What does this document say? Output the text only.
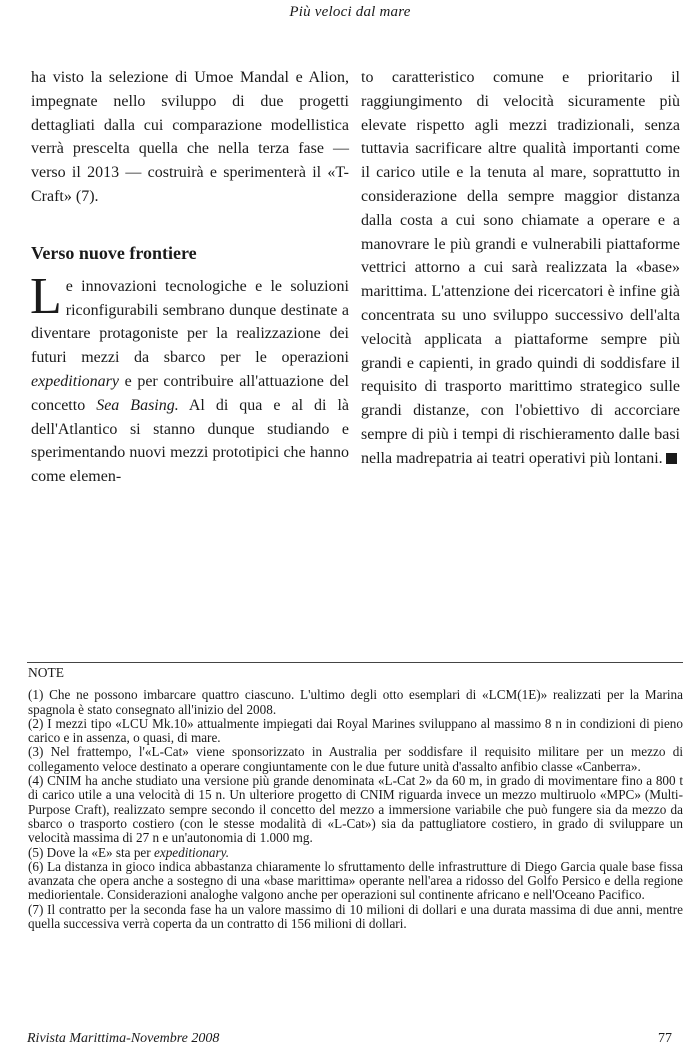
Più veloci dal mare

ha visto la selezione di Umoe Mandal e Alion, impegnate nello sviluppo di due progetti dettagliati dalla cui comparazione modellistica verrà prescelta quella che nella terza fase — verso il 2013 — costruirà e sperimenterà il «T-Craft» (7).

Verso nuove frontiere

Le innovazioni tecnologiche e le soluzioni riconfigurabili sembrano dunque destinate a diventare protagoniste per la realizzazione dei futuri mezzi da sbarco per le operazioni expeditionary e per contribuire all'attuazione del concetto Sea Basing. Al di qua e al di là dell'Atlantico si stanno dunque studiando e sperimentando nuovi mezzi prototipici che hanno come elemen-

to caratteristico comune e prioritario il raggiungimento di velocità sicuramente più elevate rispetto agli mezzi tradizionali, senza tuttavia sacrificare altre qualità importanti come il carico utile e la tenuta al mare, soprattutto in considerazione della sempre maggior distanza dalla costa a cui sono chiamate a operare e a manovrare le più grandi e vulnerabili piattaforme vettrici attorno a cui sarà realizzata la «base» marittima. L'attenzione dei ricercatori è infine già concentrata su uno sviluppo successivo dell'alta velocità applicata a piattaforme sempre più grandi e capienti, in grado quindi di soddisfare il requisito di trasporto marittimo strategico sulle grandi distanze, con l'obiettivo di accorciare sempre di più i tempi di rischieramento dalle basi nella madrepatria ai teatri operativi più lontani.

NOTE

(1) Che ne possono imbarcare quattro ciascuno. L'ultimo degli otto esemplari di «LCM(1E)» realizzati per la Marina spagnola è stato consegnato all'inizio del 2008.

(2) I mezzi tipo «LCU Mk.10» attualmente impiegati dai Royal Marines sviluppano al massimo 8 n in condizioni di pieno carico e in assenza, o quasi, di mare.

(3) Nel frattempo, l'«L-Cat» viene sponsorizzato in Australia per soddisfare il requisito militare per un mezzo di collegamento veloce destinato a operare congiuntamente con le due future unità d'assalto anfibio classe «Canberra».

(4) CNIM ha anche studiato una versione più grande denominata «L-Cat 2» da 60 m, in grado di movimentare fino a 800 t di carico utile a una velocità di 15 n. Un ulteriore progetto di CNIM riguarda invece un mezzo multiruolo «MPC» (Multi-Purpose Craft), realizzato sempre secondo il concetto del mezzo a immersione variabile che può fungere sia da mezzo da sbarco o trasporto costiero (con le stesse modalità di «L-Cat») sia da pattugliatore costiero, in grado di sviluppare un velocità massima di 27 n e un'autonomia di 1.000 mg.

(5) Dove la «E» sta per expeditionary.

(6) La distanza in gioco indica abbastanza chiaramente lo sfruttamento delle infrastrutture di Diego Garcia quale base fissa avanzata che opera anche a sostegno di una «base marittima» operante nell'area a ridosso del Golfo Persico e della regione mediorientale. Considerazioni analoghe valgono anche per operazioni sul continente africano e nell'Oceano Pacifico.

(7) Il contratto per la seconda fase ha un valore massimo di 10 milioni di dollari e una durata massima di due anni, mentre quella successiva verrà coperta da un contratto di 156 milioni di dollari.

Rivista Marittima-Novembre 2008	77
